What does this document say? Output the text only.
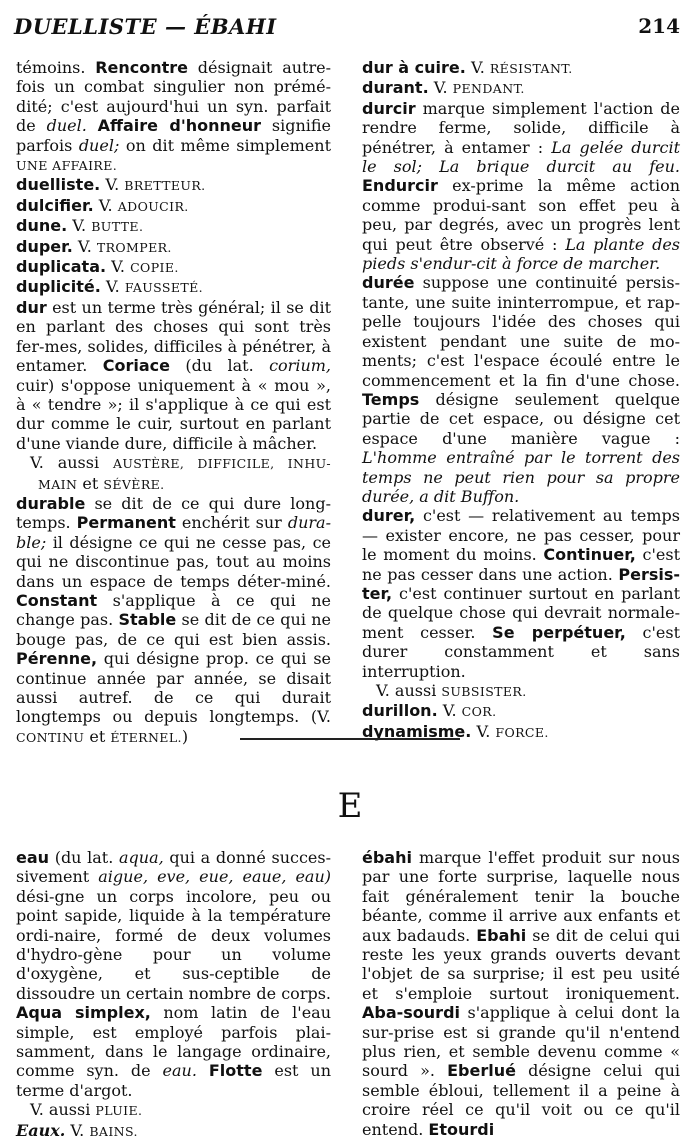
DUELLISTE — ÉBAHI	214

témoins. Rencontre désignait autre-fois un combat singulier non prémé-dité; c'est aujourd'hui un syn. parfait de duel. Affaire d'honneur signifie parfois duel; on dit même simplement UNE AFFAIRE.

duelliste. V. BRETTEUR.

dulcifier. V. ADOUCIR.

dune. V. BUTTE.

duper. V. TROMPER.

duplicata. V. COPIE.

duplicité. V. FAUSSETÉ.

dur est un terme très général; il se dit en parlant des choses qui sont très fer-mes, solides, difficiles à pénétrer, à entamer. Coriace (du lat. corium, cuir) s'oppose uniquement à « mou », à « tendre »; il s'applique à ce qui est dur comme le cuir, surtout en parlant d'une viande dure, difficile à mâcher.

V. aussi AUSTÈRE, DIFFICILE, INHU-MAIN et SÉVÈRE.

durable se dit de ce qui dure long-temps. Permanent enchérit sur dura-ble; il désigne ce qui ne cesse pas, ce qui ne discontinue pas, tout au moins dans un espace de temps déter-miné. Constant s'applique à ce qui ne change pas. Stable se dit de ce qui ne bouge pas, de ce qui est bien assis. Pérenne, qui désigne prop. ce qui se continue année par année, se disait aussi autref. de ce qui durait longtemps ou depuis longtemps. (V. CONTINU et ÉTERNEL.)

dur à cuire. V. RÉSISTANT.

durant. V. PENDANT.

durcir marque simplement l'action de rendre ferme, solide, difficile à pénétrer, à entamer : La gelée durcit le sol; La brique durcit au feu. Endurcir ex-prime la même action comme produi-sant son effet peu à peu, par degrés, avec un progrès lent qui peut être observé : La plante des pieds s'endur-cit à force de marcher.

durée suppose une continuité persis-tante, une suite ininterrompue, et rap-pelle toujours l'idée des choses qui existent pendant une suite de mo-ments; c'est l'espace écoulé entre le commencement et la fin d'une chose. Temps désigne seulement quelque partie de cet espace, ou désigne cet espace d'une manière vague : L'homme entraîné par le torrent des temps ne peut rien pour sa propre durée, a dit Buffon.

durer, c'est — relativement au temps — exister encore, ne pas cesser, pour le moment du moins. Continuer, c'est ne pas cesser dans une action. Persis-ter, c'est continuer surtout en parlant de quelque chose qui devrait normale-ment cesser. Se perpétuer, c'est durer constamment et sans interruption.

V. aussi SUBSISTER.

durillon. V. COR.

dynamisme. V. FORCE.

E

eau (du lat. aqua, qui a donné succes-sivement aigue, eve, eue, eaue, eau) dési-gne un corps incolore, peu ou point sapide, liquide à la température ordi-naire, formé de deux volumes d'hydro-gène pour un volume d'oxygène, et sus-ceptible de dissoudre un certain nombre de corps. Aqua simplex, nom latin de l'eau simple, est employé parfois plai-samment, dans le langage ordinaire, comme syn. de eau. Flotte est un terme d'argot.

V. aussi PLUIE.

Eaux. V. BAINS.

ébahi marque l'effet produit sur nous par une forte surprise, laquelle nous fait généralement tenir la bouche béante, comme il arrive aux enfants et aux badauds. Ebahi se dit de celui qui reste les yeux grands ouverts devant l'objet de sa surprise; il est peu usité et s'emploie surtout ironiquement. Aba-sourdi s'applique à celui dont la sur-prise est si grande qu'il n'entend plus rien, et semble devenu comme « sourd ». Eberlué désigne celui qui semble ébloui, tellement il a peine à croire réel ce qu'il voit ou ce qu'il entend. Etourdi
